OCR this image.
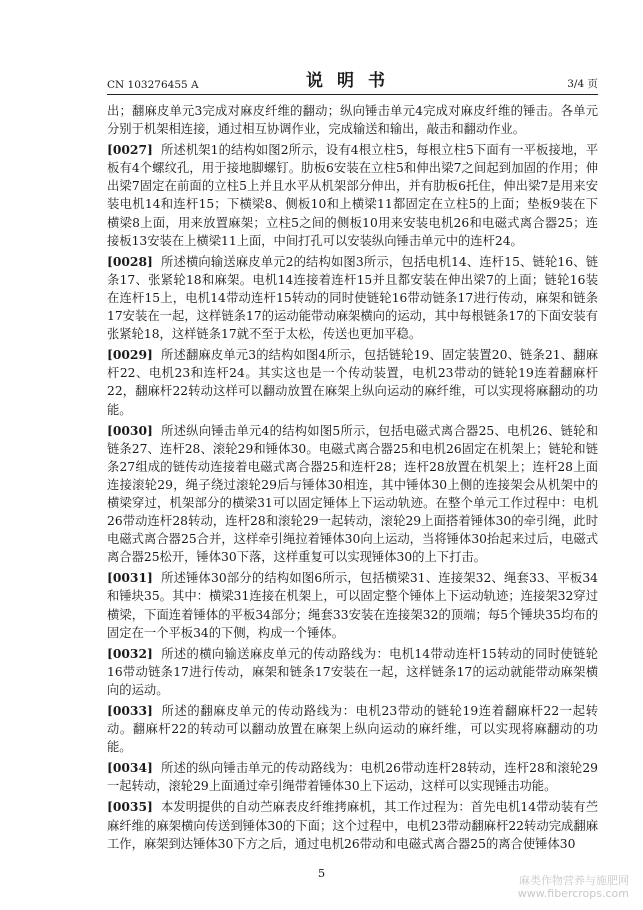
CN 103276455 A	说明书	3/4 页

出；翻麻皮单元3完成对麻皮纤维的翻动；纵向锤击单元4完成对麻皮纤维的锤击。各单元分别于机架相连接，通过相互协调作业，完成输送和输出，敲击和翻动作业。

[0027] 所述机架1的结构如图2所示，设有4根立柱5，每根立柱5下面有一平板接地，平板有4个螺纹孔，用于接地脚螺钉。肋板6安装在立柱5和伸出梁7之间起到加固的作用；伸出梁7固定在前面的立柱5上并且水平从机架部分伸出，并有肋板6托住，伸出梁7是用来安装电机14和连杆15；下横梁8、侧板10和上横梁11都固定在立柱5的上面；垫板9装在下横梁8上面，用来放置麻架；立柱5之间的侧板10用来安装电机26和电磁式离合器25；连接板13安装在上横梁11上面，中间打孔可以安装纵向锤击单元中的连杆24。

[0028] 所述横向输送麻皮单元2的结构如图3所示，包括电机14、连杆15、链轮16、链条17、张紧轮18和麻架。电机14连接着连杆15并且都安装在伸出梁7的上面；链轮16装在连杆15上，电机14带动连杆15转动的同时使链轮16带动链条17进行传动，麻架和链条17安装在一起，这样链条17的运动能带动麻架横向的运动，其中每根链条17的下面安装有张紧轮18，这样链条17就不至于太松，传送也更加平稳。

[0029] 所述翻麻皮单元3的结构如图4所示，包括链轮19、固定装置20、链条21、翻麻杆22、电机23和连杆24。其实这也是一个传动装置，电机23带动的链轮19连着翻麻杆22，翻麻杆22转动这样可以翻动放置在麻架上纵向运动的麻纤维，可以实现将麻翻动的功能。

[0030] 所述纵向锤击单元4的结构如图5所示，包括电磁式离合器25、电机26、链轮和链条27、连杆28、滚轮29和锤体30。电磁式离合器25和电机26固定在机架上；链轮和链条27组成的链传动连接着电磁式离合器25和连杆28；连杆28放置在机架上；连杆28上面连接滚轮29，绳子绕过滚轮29后与锤体30相连，其中锤体30上侧的连接架会从机架中的横梁穿过，机架部分的横梁31可以固定锤体上下运动轨迹。在整个单元工作过程中：电机26带动连杆28转动，连杆28和滚轮29一起转动，滚轮29上面搭着锤体30的牵引绳，此时电磁式离合器25合并，这样牵引绳拉着锤体30向上运动，当将锤体30抬起来过后，电磁式离合器25松开，锤体30下落，这样重复可以实现锤体30的上下打击。

[0031] 所述锤体30部分的结构如图6所示，包括横梁31、连接架32、绳套33、平板34和锤块35。其中：横梁31连接在机架上，可以固定整个锤体上下运动轨迹；连接架32穿过横梁，下面连着锤体的平板34部分；绳套33安装在连接架32的顶端；每5个锤块35均布的固定在一个平板34的下侧，构成一个锤体。

[0032] 所述的横向输送麻皮单元的传动路线为：电机14带动连杆15转动的同时使链轮16带动链条17进行传动，麻架和链条17安装在一起，这样链条17的运动就能带动麻架横向的运动。

[0033] 所述的翻麻皮单元的传动路线为：电机23带动的链轮19连着翻麻杆22一起转动。翻麻杆22的转动可以翻动放置在麻架上纵向运动的麻纤维，可以实现将麻翻动的功能。

[0034] 所述的纵向锤击单元的传动路线为：电机26带动连杆28转动，连杆28和滚轮29一起转动，滚轮29上面通过牵引绳带着锤体30上下运动，这样可以实现锤击功能。

[0035] 本发明提供的自动苎麻表皮纤维拷麻机，其工作过程为：首先电机14带动装有苎麻纤维的麻架横向传送到锤体30的下面；这个过程中，电机23带动翻麻杆22转动完成翻麻工作，麻架到达锤体30下方之后，通过电机26带动和电磁式离合器25的离合使锤体30

5
麻类作物营养与施肥网
www.fibercrops.com
